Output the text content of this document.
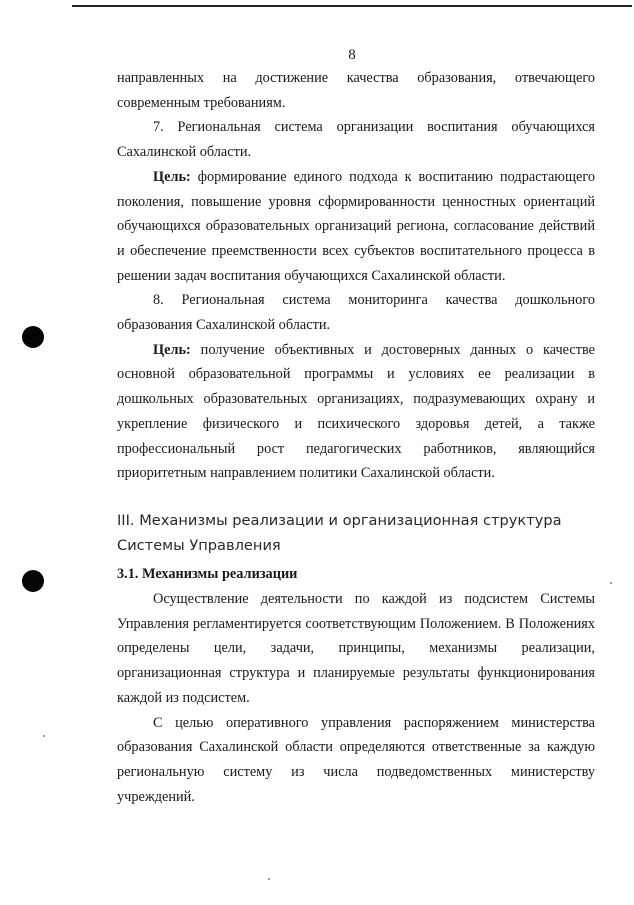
8

направленных на достижение качества образования, отвечающего современным требованиям.

7. Региональная система организации воспитания обучающихся Сахалинской области.

Цель: формирование единого подхода к воспитанию подрастающего поколения, повышение уровня сформированности ценностных ориентаций обучающихся образовательных организаций региона, согласование действий и обеспечение преемственности всех субъектов воспитательного процесса в решении задач воспитания обучающихся Сахалинской области.

8. Региональная система мониторинга качества дошкольного образования Сахалинской области.

Цель: получение объективных и достоверных данных о качестве основной образовательной программы и условиях ее реализации в дошкольных образовательных организациях, подразумевающих охрану и укрепление физического и психического здоровья детей, а также профессиональный рост педагогических работников, являющийся приоритетным направлением политики Сахалинской области.

III. Механизмы реализации и организационная структура Системы Управления
3.1. Механизмы реализации

Осуществление деятельности по каждой из подсистем Системы Управления регламентируется соответствующим Положением. В Положениях определены цели, задачи, принципы, механизмы реализации, организационная структура и планируемые результаты функционирования каждой из подсистем.

С целью оперативного управления распоряжением министерства образования Сахалинской области определяются ответственные за каждую региональную систему из числа подведомственных министерству учреждений.
